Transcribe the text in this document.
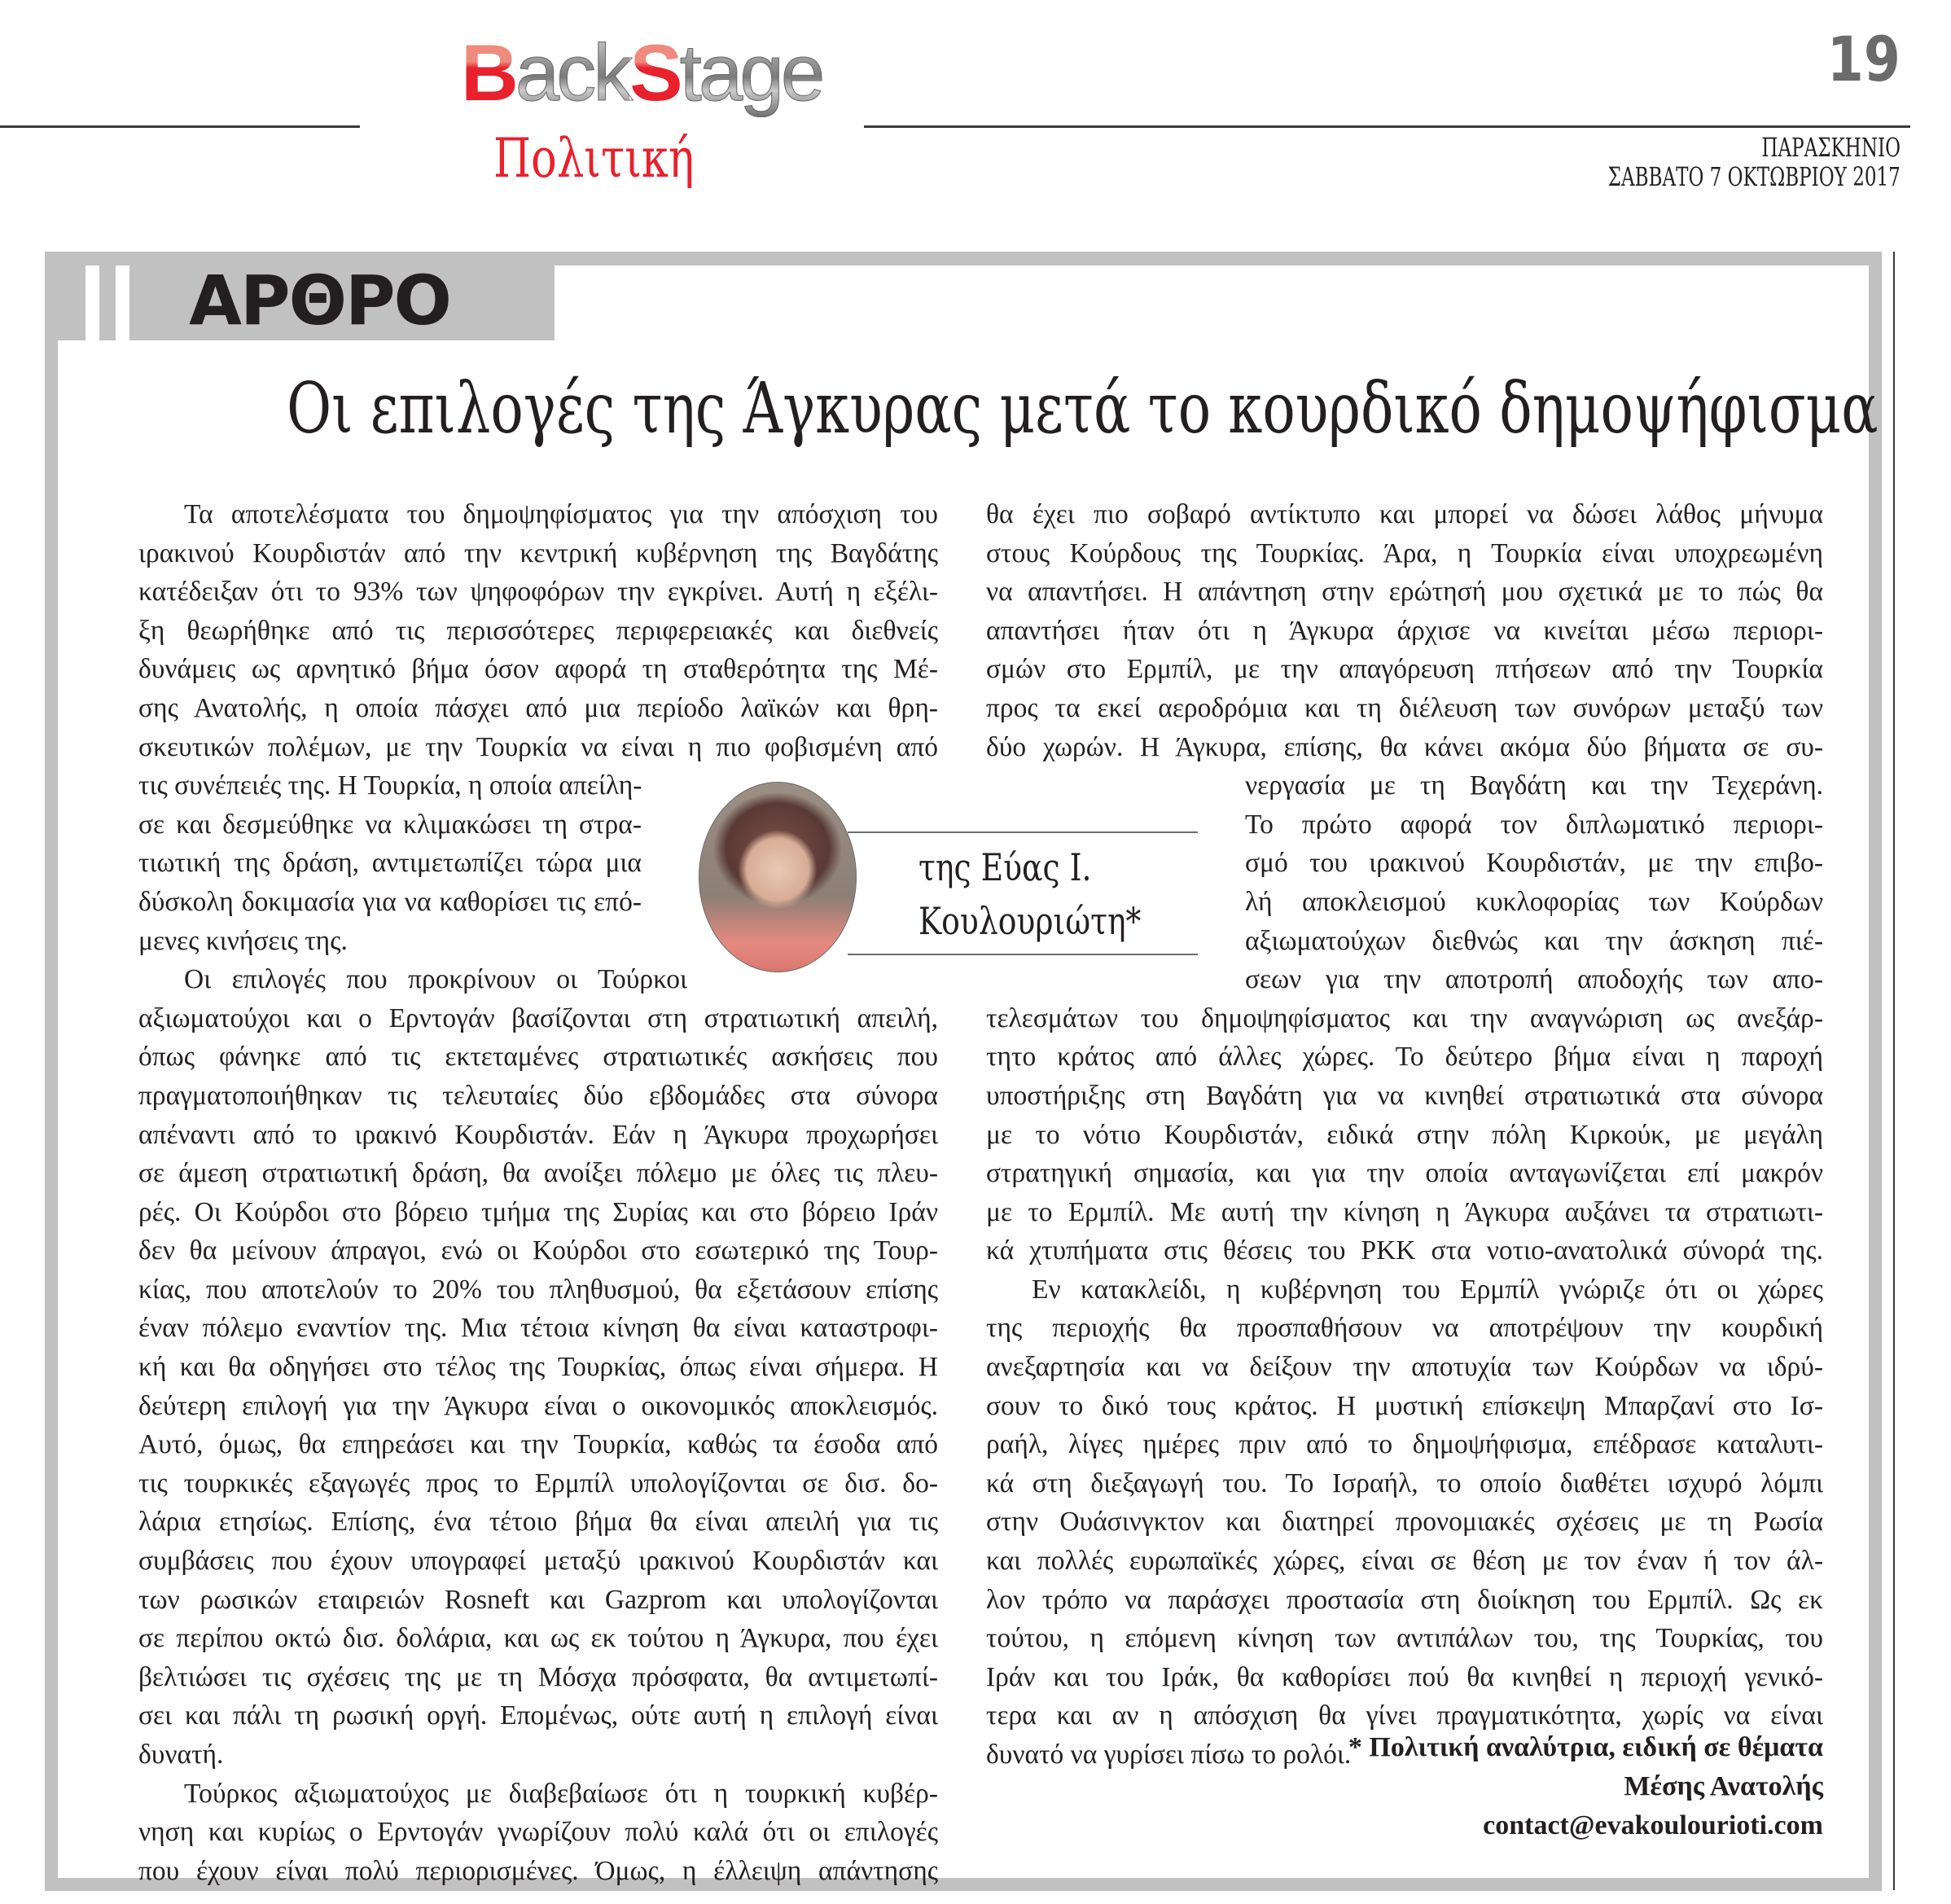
BackStage
Πολιτική
19
ΠΑΡΑΣΚΗΝΙΟ
ΣΑΒΒΑΤΟ 7 ΟΚΤΩΒΡΙΟΥ 2017
ΑΡΘΡΟ
Οι επιλογές της Άγκυρας μετά το κουρδικό δημοψήφισμα
Τα αποτελέσματα του δημοψηφίσματος για την απόσχιση του
ιρακινού Κουρδιστάν από την κεντρική κυβέρνηση της Βαγδάτης
κατέδειξαν ότι το 93% των ψηφοφόρων την εγκρίνει. Αυτή η εξέλι-
ξη θεωρήθηκε από τις περισσότερες περιφερειακές και διεθνείς
δυνάμεις ως αρνητικό βήμα όσον αφορά τη σταθερότητα της Μέ-
σης Ανατολής, η οποία πάσχει από μια περίοδο λαϊκών και θρη-
σκευτικών πολέμων, με την Τουρκία να είναι η πιο φοβισμένη από
τις συνέπειές της. Η Τουρκία, η οποία απείλη-
σε και δεσμεύθηκε να κλιμακώσει τη στρα-
τιωτική της δράση, αντιμετωπίζει τώρα μια
δύσκολη δοκιμασία για να καθορίσει τις επό-
μενες κινήσεις της.
Οι επιλογές που προκρίνουν οι Τούρκοι
αξιωματούχοι και ο Ερντογάν βασίζονται στη στρατιωτική απειλή,
όπως φάνηκε από τις εκτεταμένες στρατιωτικές ασκήσεις που
πραγματοποιήθηκαν τις τελευταίες δύο εβδομάδες στα σύνορα
απέναντι από το ιρακινό Κουρδιστάν. Εάν η Άγκυρα προχωρήσει
σε άμεση στρατιωτική δράση, θα ανοίξει πόλεμο με όλες τις πλευ-
ρές. Οι Κούρδοι στο βόρειο τμήμα της Συρίας και στο βόρειο Ιράν
δεν θα μείνουν άπραγοι, ενώ οι Κούρδοι στο εσωτερικό της Τουρ-
κίας, που αποτελούν το 20% του πληθυσμού, θα εξετάσουν επίσης
έναν πόλεμο εναντίον της. Μια τέτοια κίνηση θα είναι καταστροφι-
κή και θα οδηγήσει στο τέλος της Τουρκίας, όπως είναι σήμερα. Η
δεύτερη επιλογή για την Άγκυρα είναι ο οικονομικός αποκλεισμός.
Αυτό, όμως, θα επηρεάσει και την Τουρκία, καθώς τα έσοδα από
τις τουρκικές εξαγωγές προς το Ερμπίλ υπολογίζονται σε δισ. δο-
λάρια ετησίως. Επίσης, ένα τέτοιο βήμα θα είναι απειλή για τις
συμβάσεις που έχουν υπογραφεί μεταξύ ιρακινού Κουρδιστάν και
των ρωσικών εταιρειών Rosneft και Gazprom και υπολογίζονται
σε περίπου οκτώ δισ. δολάρια, και ως εκ τούτου η Άγκυρα, που έχει
βελτιώσει τις σχέσεις της με τη Μόσχα πρόσφατα, θα αντιμετωπί-
σει και πάλι τη ρωσική οργή. Επομένως, ούτε αυτή η επιλογή είναι
δυνατή.
Τούρκος αξιωματούχος με διαβεβαίωσε ότι η τουρκική κυβέρ-
νηση και κυρίως ο Ερντογάν γνωρίζουν πολύ καλά ότι οι επιλογές
που έχουν είναι πολύ περιορισμένες. Όμως, η έλλειψη απάντησης
θα έχει πιο σοβαρό αντίκτυπο και μπορεί να δώσει λάθος μήνυμα
στους Κούρδους της Τουρκίας. Άρα, η Τουρκία είναι υποχρεωμένη
να απαντήσει. Η απάντηση στην ερώτησή μου σχετικά με το πώς θα
απαντήσει ήταν ότι η Άγκυρα άρχισε να κινείται μέσω περιορι-
σμών στο Ερμπίλ, με την απαγόρευση πτήσεων από την Τουρκία
προς τα εκεί αεροδρόμια και τη διέλευση των συνόρων μεταξύ των
δύο χωρών. Η Άγκυρα, επίσης, θα κάνει ακόμα δύο βήματα σε συ-
νεργασία με τη Βαγδάτη και την Τεχεράνη.
Το πρώτο αφορά τον διπλωματικό περιορι-
σμό του ιρακινού Κουρδιστάν, με την επιβο-
λή αποκλεισμού κυκλοφορίας των Κούρδων
αξιωματούχων διεθνώς και την άσκηση πιέ-
σεων για την αποτροπή αποδοχής των απο-
τελεσμάτων του δημοψηφίσματος και την αναγνώριση ως ανεξάρ-
τητο κράτος από άλλες χώρες. Το δεύτερο βήμα είναι η παροχή
υποστήριξης στη Βαγδάτη για να κινηθεί στρατιωτικά στα σύνορα
με το νότιο Κουρδιστάν, ειδικά στην πόλη Κιρκούκ, με μεγάλη
στρατηγική σημασία, και για την οποία ανταγωνίζεται επί μακρόν
με το Ερμπίλ. Με αυτή την κίνηση η Άγκυρα αυξάνει τα στρατιωτι-
κά χτυπήματα στις θέσεις του PKK στα νοτιο-ανατολικά σύνορά της.
Εν κατακλείδι, η κυβέρνηση του Ερμπίλ γνώριζε ότι οι χώρες
της περιοχής θα προσπαθήσουν να αποτρέψουν την κουρδική
ανεξαρτησία και να δείξουν την αποτυχία των Κούρδων να ιδρύ-
σουν το δικό τους κράτος. Η μυστική επίσκεψη Μπαρζανί στο Ισ-
ραήλ, λίγες ημέρες πριν από το δημοψήφισμα, επέδρασε καταλυτι-
κά στη διεξαγωγή του. Το Ισραήλ, το οποίο διαθέτει ισχυρό λόμπι
στην Ουάσινγκτον και διατηρεί προνομιακές σχέσεις με τη Ρωσία
και πολλές ευρωπαϊκές χώρες, είναι σε θέση με τον έναν ή τον άλ-
λον τρόπο να παράσχει προστασία στη διοίκηση του Ερμπίλ. Ως εκ
τούτου, η επόμενη κίνηση των αντιπάλων του, της Τουρκίας, του
Ιράν και του Ιράκ, θα καθορίσει πού θα κινηθεί η περιοχή γενικό-
τερα και αν η απόσχιση θα γίνει πραγματικότητα, χωρίς να είναι
δυνατό να γυρίσει πίσω το ρολόι.
της Εύας Ι.
Κουλουριώτη*
* Πολιτική αναλύτρια, ειδική σε θέματα
Μέσης Ανατολής
contact@evakoulourioti.com
